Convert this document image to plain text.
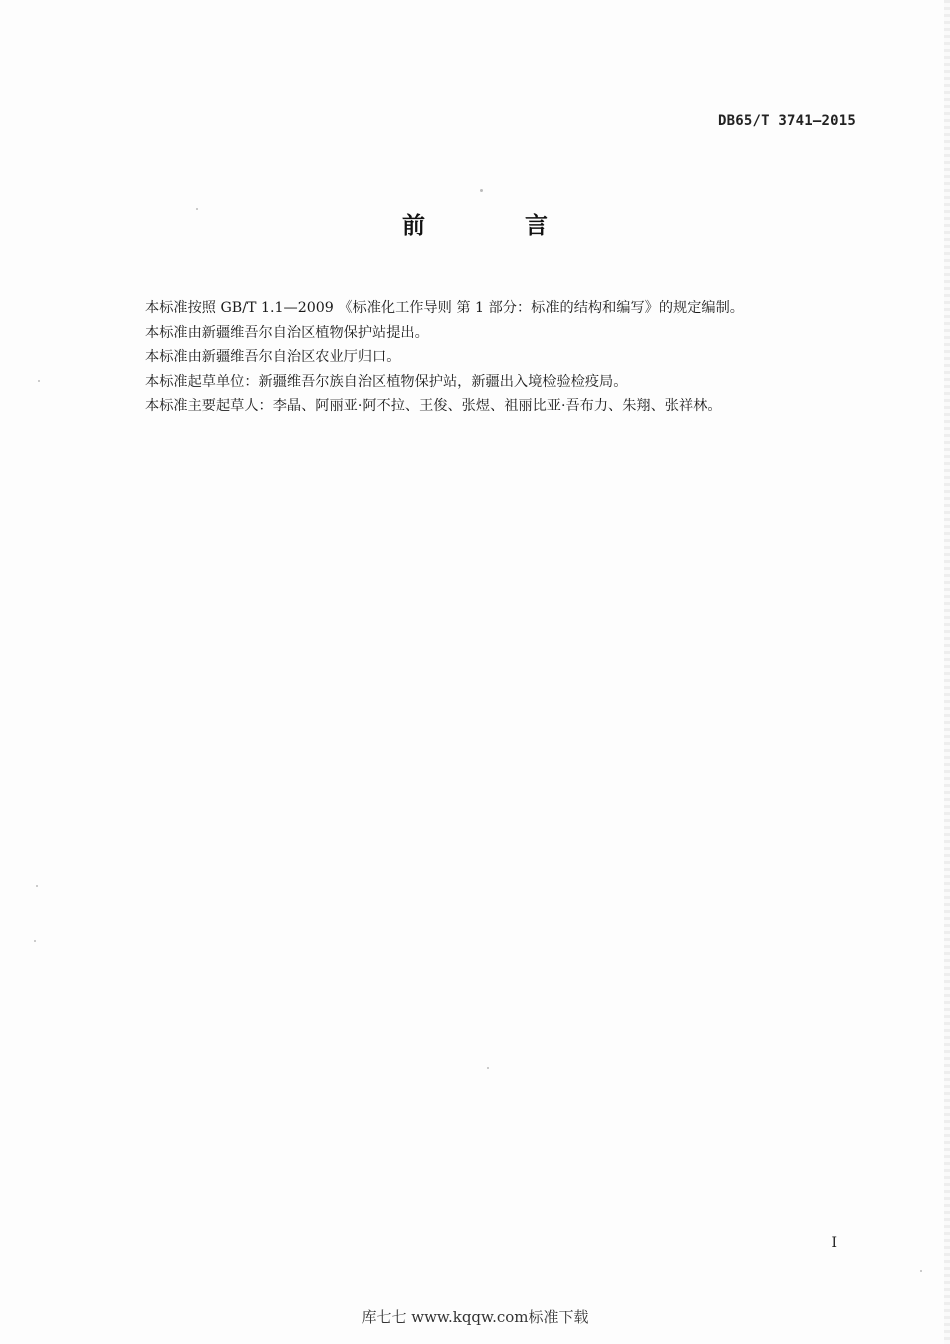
DB65/T 3741—2015
前 言
本标准按照 GB/T 1.1—2009 《标准化工作导则 第 1 部分：标准的结构和编写》的规定编制。
本标准由新疆维吾尔自治区植物保护站提出。
本标准由新疆维吾尔自治区农业厅归口。
本标准起草单位：新疆维吾尔族自治区植物保护站，新疆出入境检验检疫局。
本标准主要起草人：李晶、阿丽亚·阿不拉、王俊、张煜、祖丽比亚·吾布力、朱翔、张祥林。
I
库七七 www.kqqw.com标准下载
